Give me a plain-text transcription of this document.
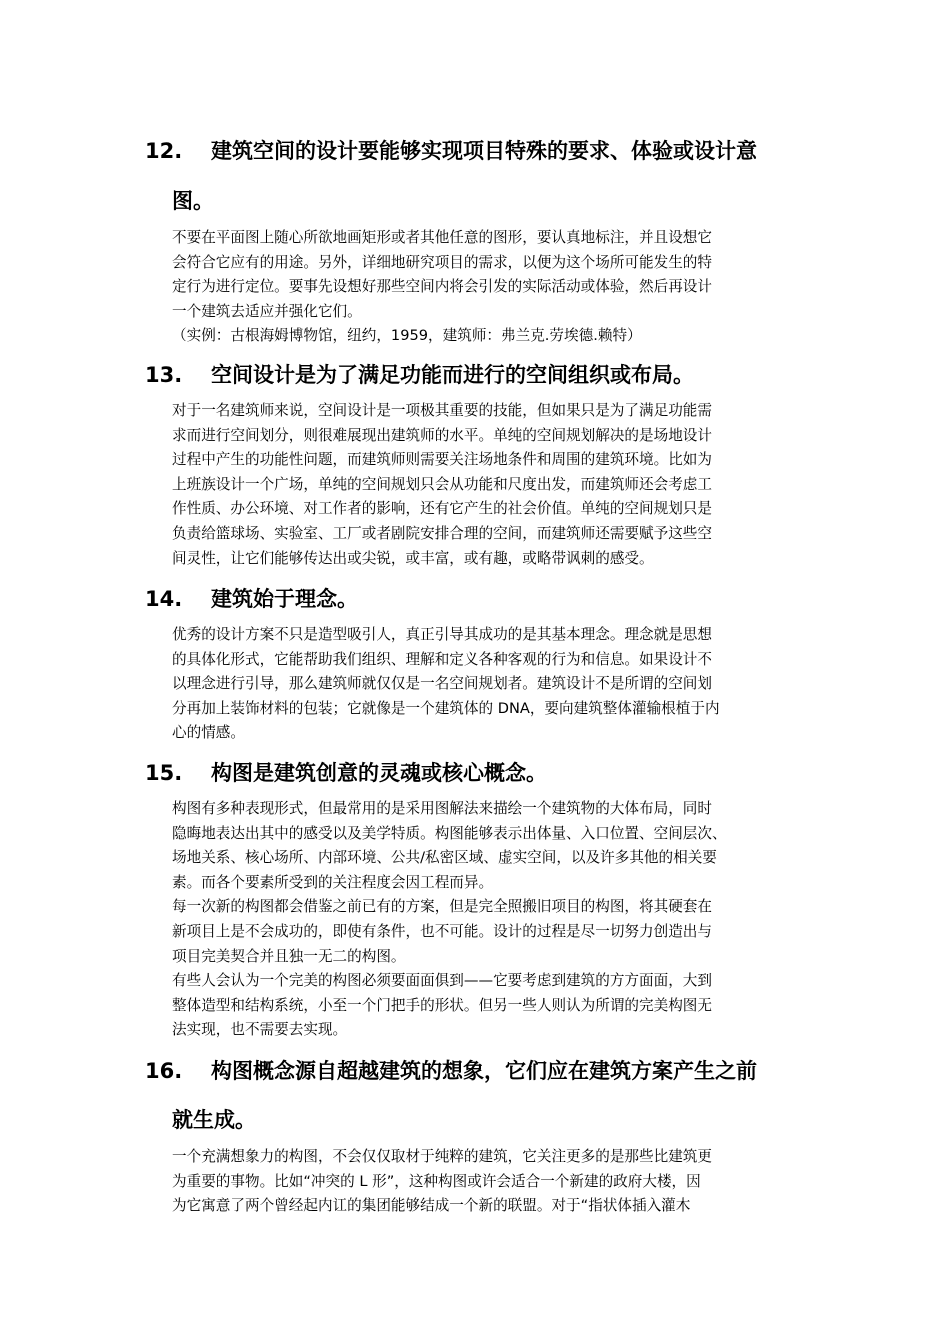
12. 建筑空间的设计要能够实现项目特殊的要求、体验或设计意
图。
不要在平面图上随心所欲地画矩形或者其他任意的图形，要认真地标注，并且设想它
会符合它应有的用途。另外，详细地研究项目的需求，以便为这个场所可能发生的特
定行为进行定位。要事先设想好那些空间内将会引发的实际活动或体验，然后再设计
一个建筑去适应并强化它们。
（实例：古根海姆博物馆，纽约，1959，建筑师：弗兰克.劳埃德.赖特）
13. 空间设计是为了满足功能而进行的空间组织或布局。
对于一名建筑师来说，空间设计是一项极其重要的技能，但如果只是为了满足功能需
求而进行空间划分，则很难展现出建筑师的水平。单纯的空间规划解决的是场地设计
过程中产生的功能性问题，而建筑师则需要关注场地条件和周围的建筑环境。比如为
上班族设计一个广场，单纯的空间规划只会从功能和尺度出发，而建筑师还会考虑工
作性质、办公环境、对工作者的影响，还有它产生的社会价值。单纯的空间规划只是
负责给篮球场、实验室、工厂或者剧院安排合理的空间，而建筑师还需要赋予这些空
间灵性，让它们能够传达出或尖锐，或丰富，或有趣，或略带讽刺的感受。
14. 建筑始于理念。
优秀的设计方案不只是造型吸引人，真正引导其成功的是其基本理念。理念就是思想
的具体化形式，它能帮助我们组织、理解和定义各种客观的行为和信息。如果设计不
以理念进行引导，那么建筑师就仅仅是一名空间规划者。建筑设计不是所谓的空间划
分再加上装饰材料的包装；它就像是一个建筑体的 DNA，要向建筑整体灌输根植于内
心的情感。
15. 构图是建筑创意的灵魂或核心概念。
构图有多种表现形式，但最常用的是采用图解法来描绘一个建筑物的大体布局，同时
隐晦地表达出其中的感受以及美学特质。构图能够表示出体量、入口位置、空间层次、
场地关系、核心场所、内部环境、公共/私密区域、虚实空间，以及许多其他的相关要
素。而各个要素所受到的关注程度会因工程而异。
每一次新的构图都会借鉴之前已有的方案，但是完全照搬旧项目的构图，将其硬套在
新项目上是不会成功的，即使有条件，也不可能。设计的过程是尽一切努力创造出与
项目完美契合并且独一无二的构图。
有些人会认为一个完美的构图必须要面面俱到——它要考虑到建筑的方方面面，大到
整体造型和结构系统，小至一个门把手的形状。但另一些人则认为所谓的完美构图无
法实现，也不需要去实现。
16. 构图概念源自超越建筑的想象，它们应在建筑方案产生之前
就生成。
一个充满想象力的构图，不会仅仅取材于纯粹的建筑，它关注更多的是那些比建筑更
为重要的事物。比如“冲突的 L 形”，这种构图或许会适合一个新建的政府大楼，因
为它寓意了两个曾经起内讧的集团能够结成一个新的联盟。对于“指状体插入灌木
